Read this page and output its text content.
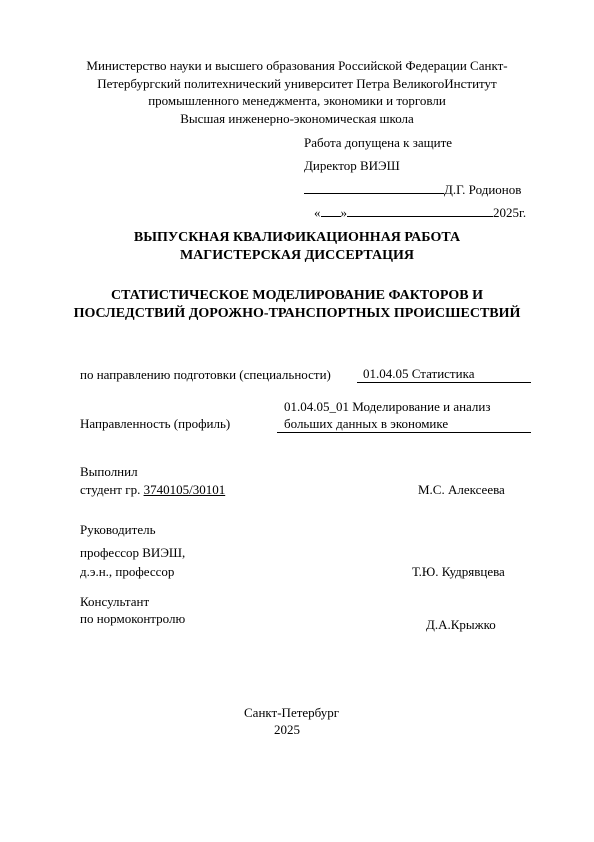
Министерство науки и высшего образования Российской Федерации Санкт-
Петербургский политехнический университет Петра ВеликогоИнститут
промышленного менеджмента, экономики и торговли
Высшая инженерно-экономическая школа
Работа допущена к защите
Директор ВИЭШ
Д.Г. Родионов
« »	2025г.
ВЫПУСКНАЯ КВАЛИФИКАЦИОННАЯ РАБОТА
МАГИСТЕРСКАЯ ДИССЕРТАЦИЯ
СТАТИСТИЧЕСКОЕ МОДЕЛИРОВАНИЕ ФАКТОРОВ И
ПОСЛЕДСТВИЙ ДОРОЖНО-ТРАНСПОРТНЫХ ПРОИСШЕСТВИЙ
по направлению подготовки (специальности)	01.04.05 Статистика
Направленность (профиль)
01.04.05_01 Моделирование и анализ
больших данных в экономике
Выполнил
студент гр. 3740105/30101	М.С. Алексеева
Руководитель
профессор ВИЭШ,
д.э.н., профессор	Т.Ю. Кудрявцева
Консультант
по нормоконтролю	Д.А.Крыжко
Санкт-Петербург
2025
